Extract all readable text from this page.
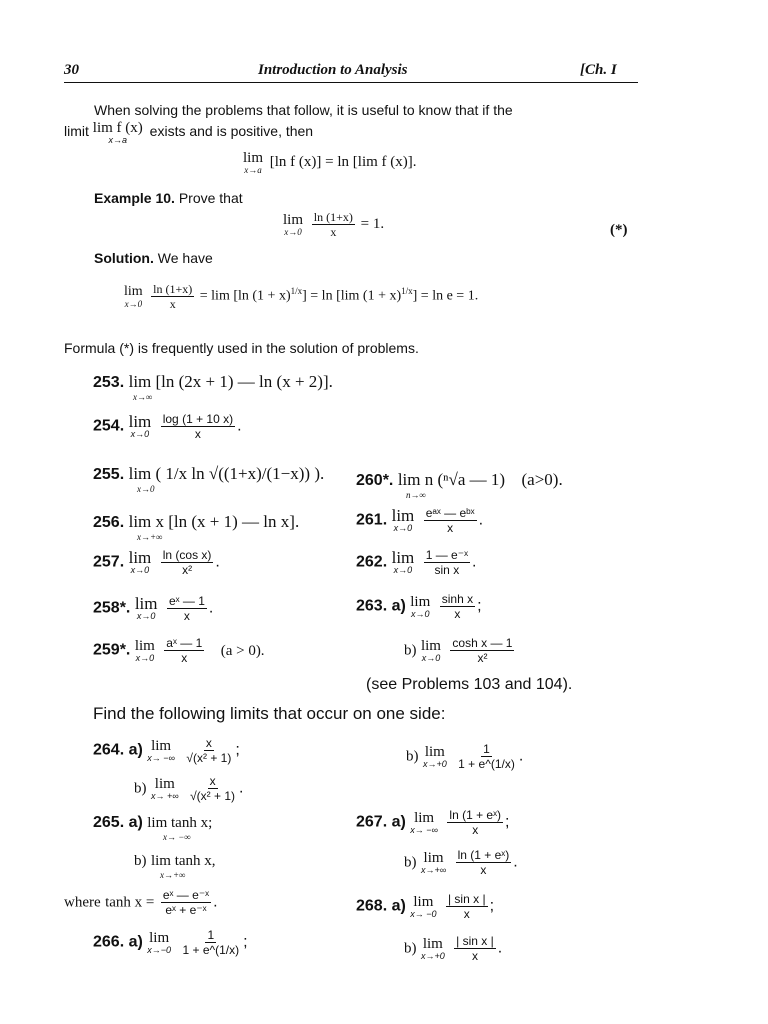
30	Introduction to Analysis	[Ch. I
When solving the problems that follow, it is useful to know that if the
limit lim f (x)
x→a
exists and is positive, then
lim
x→a
[ln f (x)] = ln [lim f (x)].
Example 10. Prove that
lim
x→0
$\frac{\ln (1+x)}{x} = 1$.	(*)
Solution. We have
lim
x→0
$\frac{\ln (1+x)}{x} = \lim [\ln$ $(1 + x)^{1/x}] = \ln [\lim$ $(1 + x)^{1/x}] = \ln e = 1$.
Formula (*) is frequently used in the solution of problems.
253. lim [ln (2x + 1) — ln (x + 2)].
x→∞
254. lim
x→0
$\frac{\log (1 + 10 x)}{x}$ .
255. lim ( 1/x ln √((1+x)/(1−x)) ).
x→0
256. lim x [ln (x + 1) — ln x].
x→+∞
257. lim
x→0
$\frac{\text{ln (cos x)}}{\text{x²}}$ .
258*. lim
x→0
$\frac{\text{eˣ — 1}}{x}$ .
259*. lim
x→0
$\frac{\text{aˣ — 1}}{x} (a > 0)$.
260*. lim n (ⁿ√a — 1) (a>0).
n→∞
261. lim
x→0
$\frac{\text{eᵃˣ — eᵇˣ}}{x}$ .
262. lim
x→0
$\frac{\text{1 — e⁻ˣ}}{\text{sin x}}$ .
263. a) lim
x→0
$\frac{\text{sinh x}}{x}$ ;
b) lim
x→0
$\frac{\text{cosh x — 1}}{\text{x²}}$
(see Problems 103 and 104).
Find the following limits that occur on one side:
264. a) lim
x→ −∞
$\frac{x}{\text{√(x² + 1)}}$ ;
b) lim
x→ +∞
$\frac{x}{\text{√(x² + 1)}}$ .
b) lim
x→+0
$\frac{1}{1 + e\^{}(1/x)}$ .
265. a) lim tanh x;
x→ −∞
b) lim tanh x,
x→+∞
where $\tanh x = \frac{\text{eˣ — e⁻ˣ}}{\text{eˣ + e⁻ˣ}}$ .
266. a) lim
x→−0
$\frac{1}{1 + e\^{}(1/x)}$ ;
267. a) lim
x→ −∞
$\frac{\text{ln (1 + eˣ)}}{x}$ ;
b) lim
x→+∞
$\frac{\text{ln (1 + eˣ)}}{x}$ .
268. a) lim
x→ −0
$\frac{\text{| sin x |}}{x}$ ;
b) lim
x→+0
$\frac{\text{| sin x |}}{x}$ .
